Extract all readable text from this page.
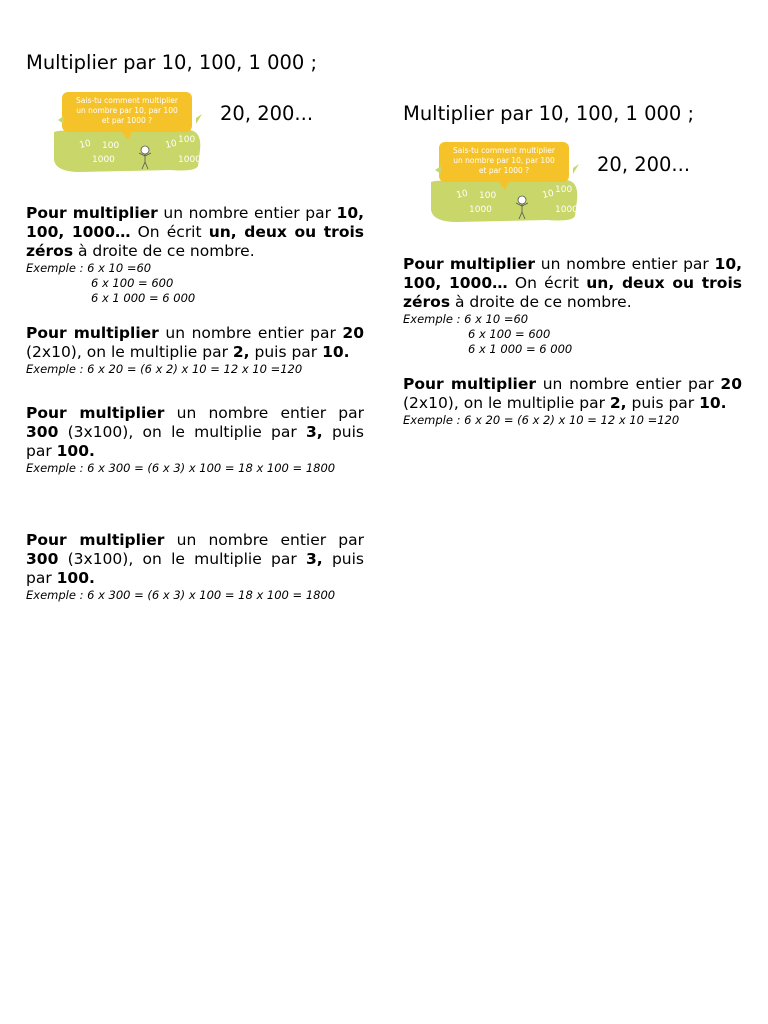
Multiplier par 10, 100, 1 000 ;
Sais-tu comment multiplier
un nombre par 10, par 100
et par 1000 ?
10 100
1000
10 100
1000
20, 200...

Pour multiplier un nombre entier par 10, 100, 1000… On écrit un, deux ou trois zéros à droite de ce nombre.

Exemple : 6 x 10 =60

6 x 100 = 600

6 x 1 000 = 6 000

Pour multiplier un nombre entier par 20 (2x10), on le multiplie par 2, puis par 10.

Exemple : 6 x 20 = (6 x 2) x 10 = 12 x 10 =120

Pour multiplier un nombre entier par 300 (3x100), on le multiplie par 3, puis par 100.

Exemple : 6 x 300 = (6 x 3) x 100 = 18 x 100 = 1800

Pour multiplier un nombre entier par 300 (3x100), on le multiplie par 3, puis par 100.

Exemple : 6 x 300 = (6 x 3) x 100 = 18 x 100 = 1800

Multiplier par 10, 100, 1 000 ;
Sais-tu comment multiplier
un nombre par 10, par 100
et par 1000 ?
10 100
1000
10 100
1000
20, 200...

Pour multiplier un nombre entier par 10, 100, 1000… On écrit un, deux ou trois zéros à droite de ce nombre.

Exemple : 6 x 10 =60

6 x 100 = 600

6 x 1 000 = 6 000

Pour multiplier un nombre entier par 20 (2x10), on le multiplie par 2, puis par 10.

Exemple : 6 x 20 = (6 x 2) x 10 = 12 x 10 =120
